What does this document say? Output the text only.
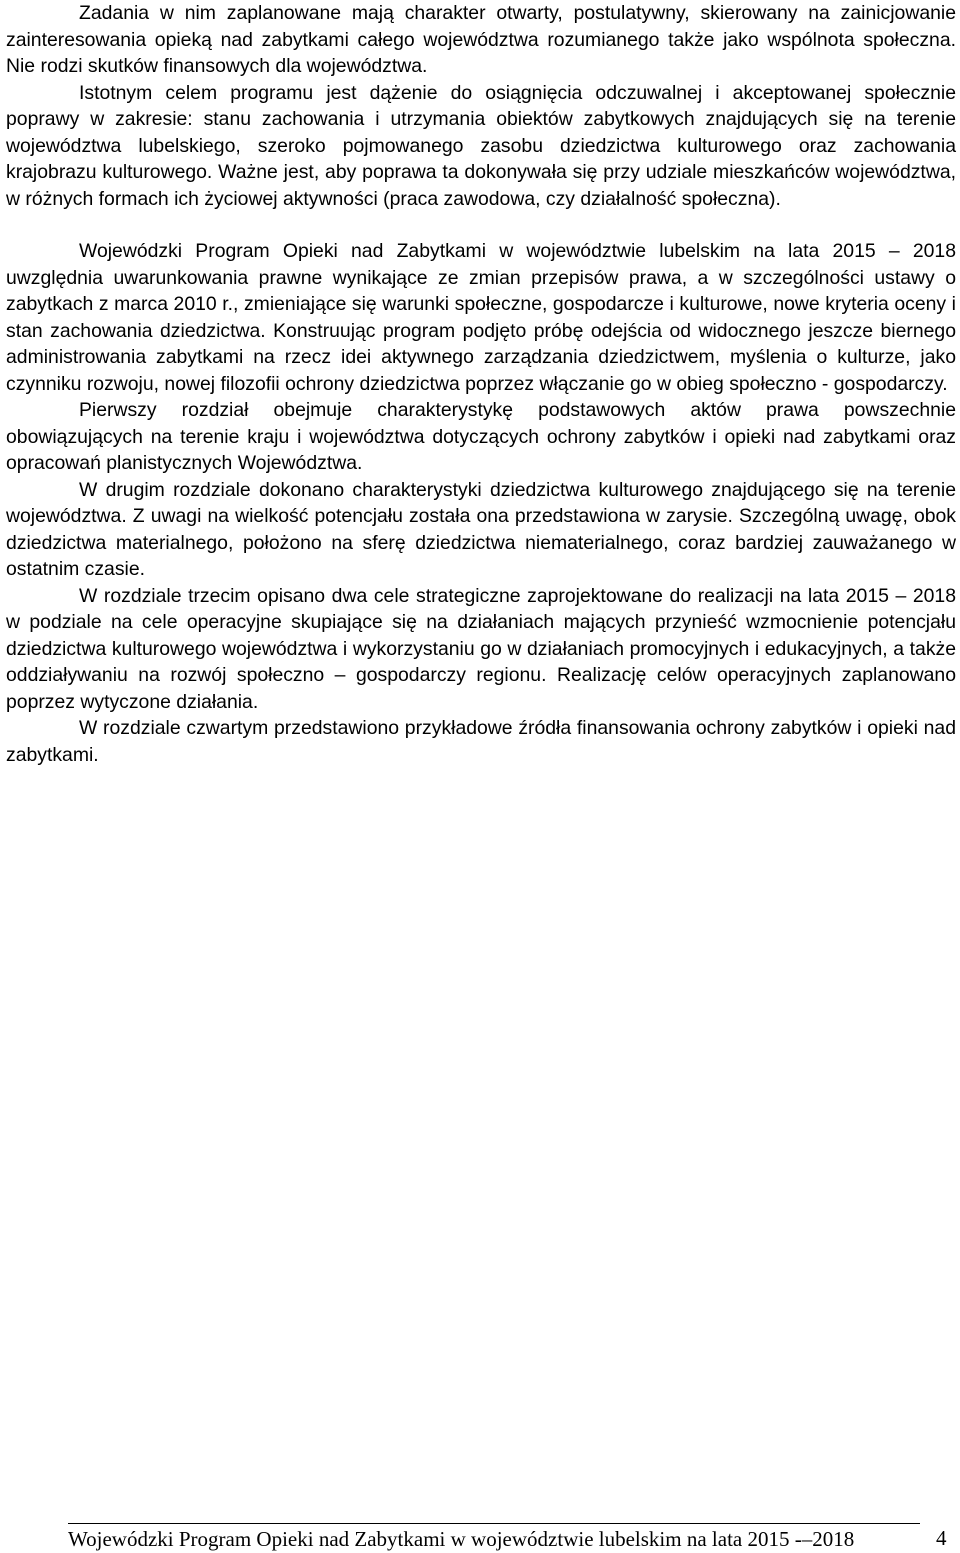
Zadania w nim zaplanowane mają charakter otwarty, postulatywny, skierowany na zainicjowanie zainteresowania opieką nad zabytkami całego województwa rozumianego także jako wspólnota społeczna. Nie rodzi skutków finansowych dla województwa.

Istotnym celem programu jest dążenie do osiągnięcia odczuwalnej i akceptowanej społecznie poprawy w zakresie: stanu zachowania i utrzymania obiektów zabytkowych znajdujących się na terenie województwa lubelskiego, szeroko pojmowanego zasobu dziedzictwa kulturowego oraz zachowania krajobrazu kulturowego. Ważne jest, aby poprawa ta dokonywała się przy udziale mieszkańców województwa, w różnych formach ich życiowej aktywności (praca zawodowa, czy działalność społeczna).

Wojewódzki Program Opieki nad Zabytkami w województwie lubelskim na lata 2015 – 2018 uwzględnia uwarunkowania prawne wynikające ze zmian przepisów prawa, a w szczególności ustawy o zabytkach z marca 2010 r., zmieniające się warunki społeczne, gospodarcze i kulturowe, nowe kryteria oceny i stan zachowania dziedzictwa. Konstruując program podjęto próbę odejścia od widocznego jeszcze biernego administrowania zabytkami na rzecz idei aktywnego zarządzania dziedzictwem, myślenia o kulturze, jako czynniku rozwoju, nowej filozofii ochrony dziedzictwa poprzez włączanie go w obieg społeczno - gospodarczy.

Pierwszy rozdział obejmuje charakterystykę podstawowych aktów prawa powszechnie obowiązujących na terenie kraju i województwa dotyczących ochrony zabytków i opieki nad zabytkami oraz opracowań planistycznych Województwa.

W drugim rozdziale dokonano charakterystyki dziedzictwa kulturowego znajdującego się na terenie województwa. Z uwagi na wielkość potencjału została ona przedstawiona w zarysie. Szczególną uwagę, obok dziedzictwa materialnego, położono na sferę dziedzictwa niematerialnego, coraz bardziej zauważanego w ostatnim czasie.

W rozdziale trzecim opisano dwa cele strategiczne zaprojektowane do realizacji na lata 2015 – 2018 w podziale na cele operacyjne skupiające się na działaniach mających przynieść wzmocnienie potencjału dziedzictwa kulturowego województwa i wykorzystaniu go w działaniach promocyjnych i edukacyjnych, a także oddziaływaniu na rozwój społeczno – gospodarczy regionu. Realizację celów operacyjnych zaplanowano poprzez wytyczone działania.

W rozdziale czwartym przedstawiono przykładowe źródła finansowania ochrony zabytków i opieki nad zabytkami.

Wojewódzki Program Opieki nad Zabytkami w województwie lubelskim na lata 2015 -–2018	4
